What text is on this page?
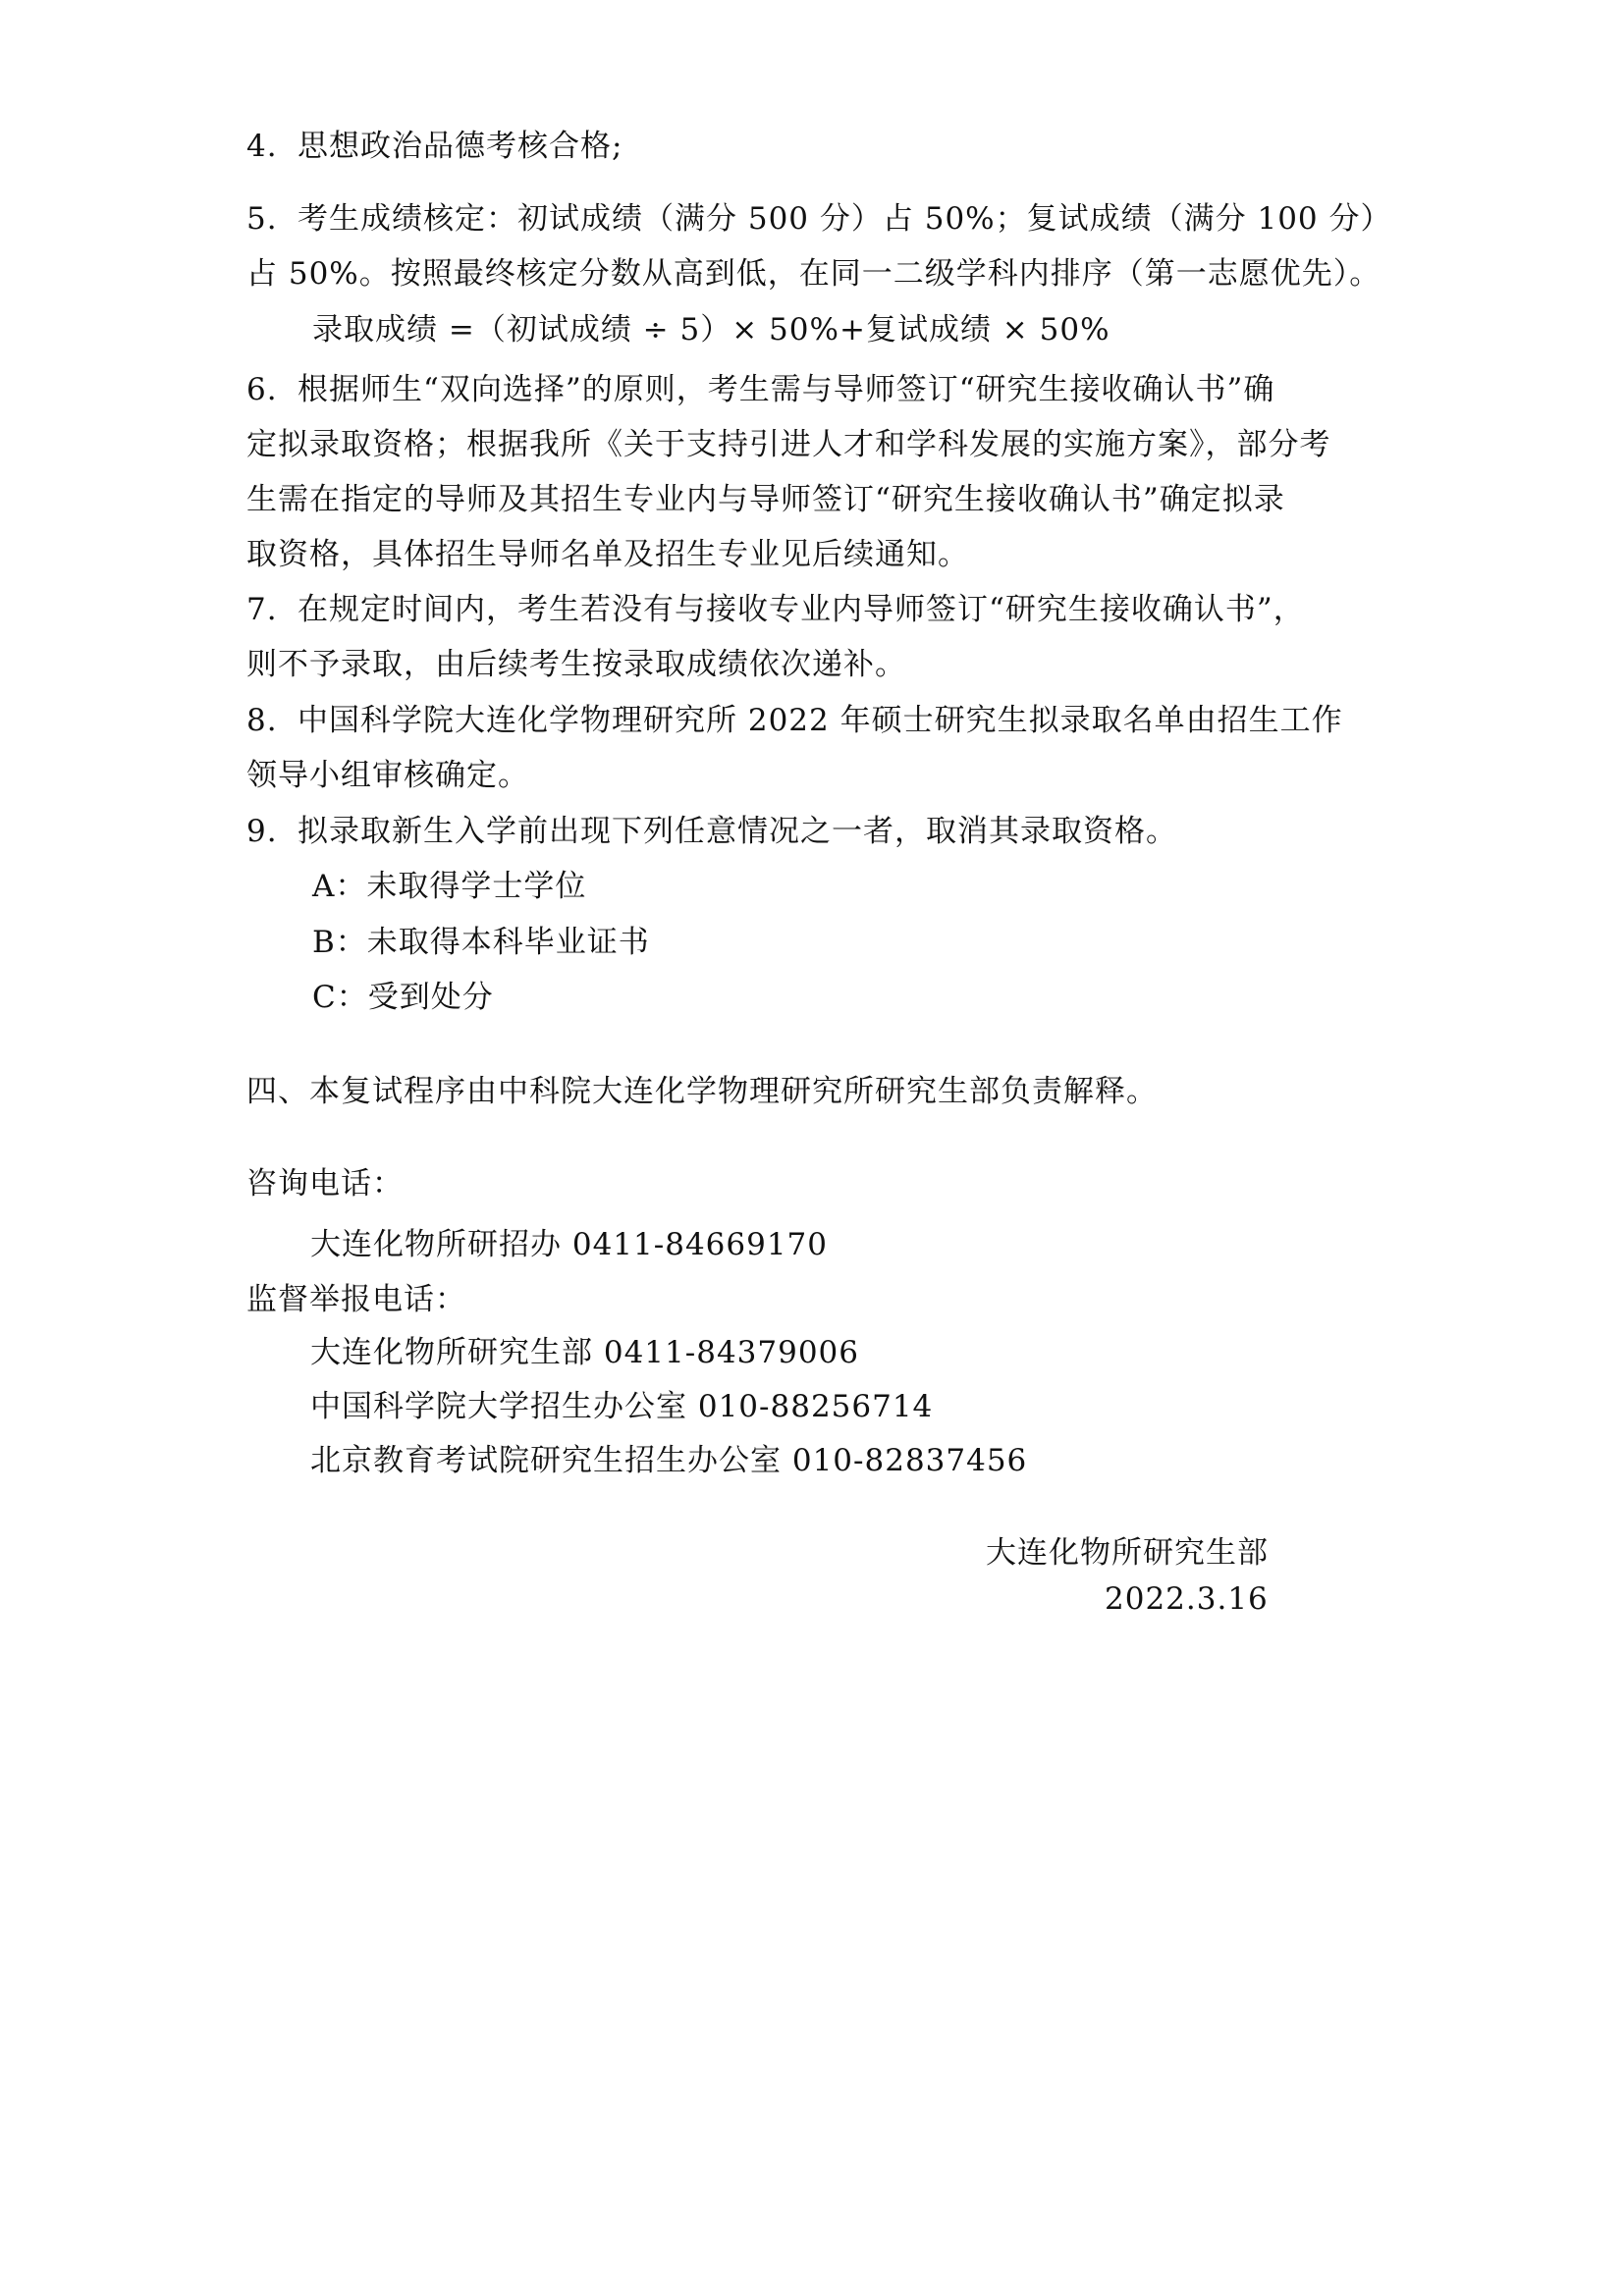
4. 思想政治品德考核合格;
5. 考生成绩核定：初试成绩（满分 500 分）占 50%；复试成绩（满分 100 分）
占 50%。按照最终核定分数从高到低，在同一二级学科内排序（第一志愿优先）。
录取成绩 =（初试成绩 ÷ 5）× 50%+复试成绩 × 50%
6. 根据师生“双向选择”的原则，考生需与导师签订“研究生接收确认书”确
定拟录取资格；根据我所《关于支持引进人才和学科发展的实施方案》，部分考
生需在指定的导师及其招生专业内与导师签订“研究生接收确认书”确定拟录
取资格，具体招生导师名单及招生专业见后续通知。
7. 在规定时间内，考生若没有与接收专业内导师签订“研究生接收确认书”，
则不予录取，由后续考生按录取成绩依次递补。
8. 中国科学院大连化学物理研究所 2022 年硕士研究生拟录取名单由招生工作
领导小组审核确定。
9. 拟录取新生入学前出现下列任意情况之一者，取消其录取资格。
A：未取得学士学位
B：未取得本科毕业证书
C：受到处分
四、本复试程序由中科院大连化学物理研究所研究生部负责解释。
咨询电话：
大连化物所研招办 0411-84669170
监督举报电话：
大连化物所研究生部 0411-84379006
中国科学院大学招生办公室 010-88256714
北京教育考试院研究生招生办公室 010-82837456
大连化物所研究生部
2022.3.16
